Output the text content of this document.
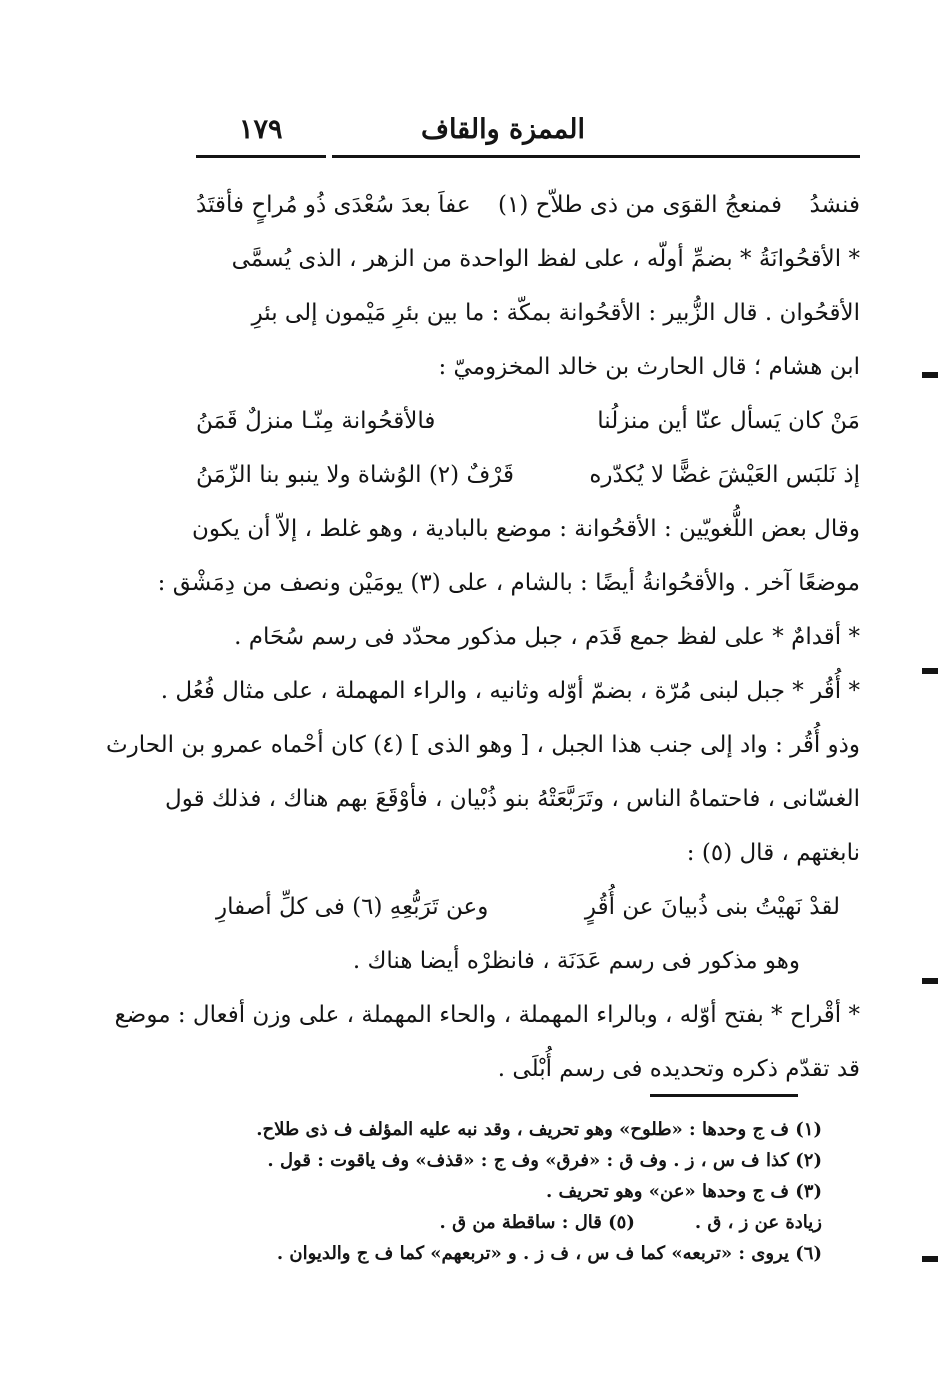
الممزة والقاف
١٧٩
فنشدُ
فمنعجُ القوَى من ذى طلاّح (١)
عفاَ بعدَ سُعْدَى ذُو مُراحٍ فأقتَدُ
* الأقحُوانَةُ * بضمِّ أولّه ، على لفظ الواحدة من الزهر ، الذى يُسمَّى
الأقحُوان . قال الزُّبير : الأقحُوانة بمكّة : ما بين بئرِ مَيْمون إلى بئرِ
ابن هشام ؛ قال الحارث بن خالد المخزوميّ :
مَنْ كان يَسأل عنّا أين منزلُنا
فالأقحُوانة مِنّـا منزلٌ قَمَنُ
إذ نَلبَس العَيْشَ غضًّا لا يُكدّره
قَرْفٌ (٢) الوُشاة ولا ينبو بنا الزّمَنُ
وقال بعض اللُّغويّين : الأقحُوانة : موضع بالبادية ، وهو غلط ، إلاّ أن يكون
موضعًا آخر . والأقحُوانةُ أيضًا : بالشام ، على (٣) يومَيْن ونصف من دِمَشْق :
* أقدامٌ * على لفظ جمع قَدَم ، جبل مذكور محدّد فى رسم سُحَام .
* أُقُر * جبل لبنى مُرّة ، بضمّ أوّله وثانيه ، والراء المهملة ، على مثال فُعُل .
وذو أُقُر : واد إلى جنب هذا الجبل ، [ وهو الذى ] (٤) كان أحْماه عمرو بن الحارث
الغسّانى ، فاحتماهُ الناس ، وتَرَبَّعَتْهُ بنو ذُبْيان ، فأوْقَعَ بهم هناك ، فذلك قول
نابغتهم ، قال (٥) :
لقدْ نَهيْتُ بنى ذُبيانَ عن أُقُرٍ
وعن تَرَبُّعِهِ (٦) فى كلِّ أصفارِ
وهو مذكور فى رسم عَدَنَة ، فانظرْه أيضا هناك .
* أقْراح * بفتح أوّله ، وبالراء المهملة ، والحاء المهملة ، على وزن أفعال : موضع
قد تقدّم ذكره وتحديده فى رسم أُبْلَى .
(١) ف ج وحدها : «طلوح» وهو تحريف ، وقد نبه عليه المؤلف ف ذى طلاح.
(٢) كذا ف س ، ز . وف ق : «فرق» وف ج : «قذف» وف ياقوت : قول .
(٣) ف ج وحدها «عن» وهو تحريف .
زيادة عن ز ، ق .
(٥) قال : ساقطة من ق .
(٦) يروى : «تربعه» كما ف س ، ف ز . و «تربعهم» كما ف ج والديوان .
